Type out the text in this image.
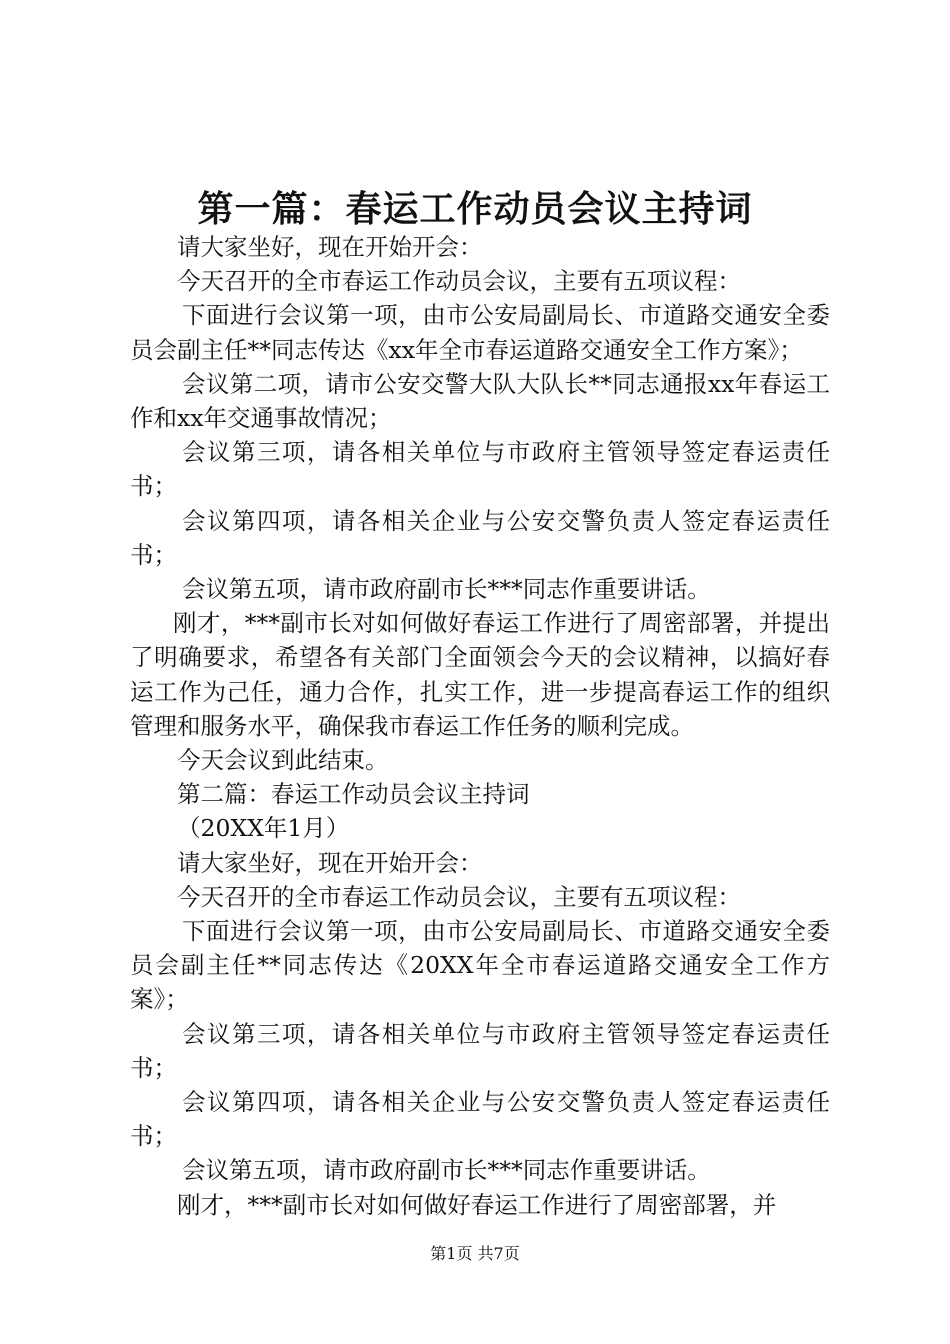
第一篇：春运工作动员会议主持词

请大家坐好，现在开始开会：

今天召开的全市春运工作动员会议，主要有五项议程：

下面进行会议第一项，由市公安局副局长、市道路交通安全委员会副主任**同志传达《xx年全市春运道路交通安全工作方案》；

会议第二项，请市公安交警大队大队长**同志通报xx年春运工作和xx年交通事故情况；

会议第三项，请各相关单位与市政府主管领导签定春运责任书；

会议第四项，请各相关企业与公安交警负责人签定春运责任书；

会议第五项，请市政府副市长***同志作重要讲话。

刚才，***副市长对如何做好春运工作进行了周密部署，并提出了明确要求，希望各有关部门全面领会今天的会议精神，以搞好春运工作为己任，通力合作，扎实工作，进一步提高春运工作的组织管理和服务水平，确保我市春运工作任务的顺利完成。

今天会议到此结束。

第二篇：春运工作动员会议主持词

（20XX年1月）

请大家坐好，现在开始开会：

今天召开的全市春运工作动员会议，主要有五项议程：

下面进行会议第一项，由市公安局副局长、市道路交通安全委员会副主任**同志传达《20XX年全市春运道路交通安全工作方案》；

会议第三项，请各相关单位与市政府主管领导签定春运责任书；

会议第四项，请各相关企业与公安交警负责人签定春运责任书；

会议第五项，请市政府副市长***同志作重要讲话。

刚才，***副市长对如何做好春运工作进行了周密部署，并

第1页 共7页
